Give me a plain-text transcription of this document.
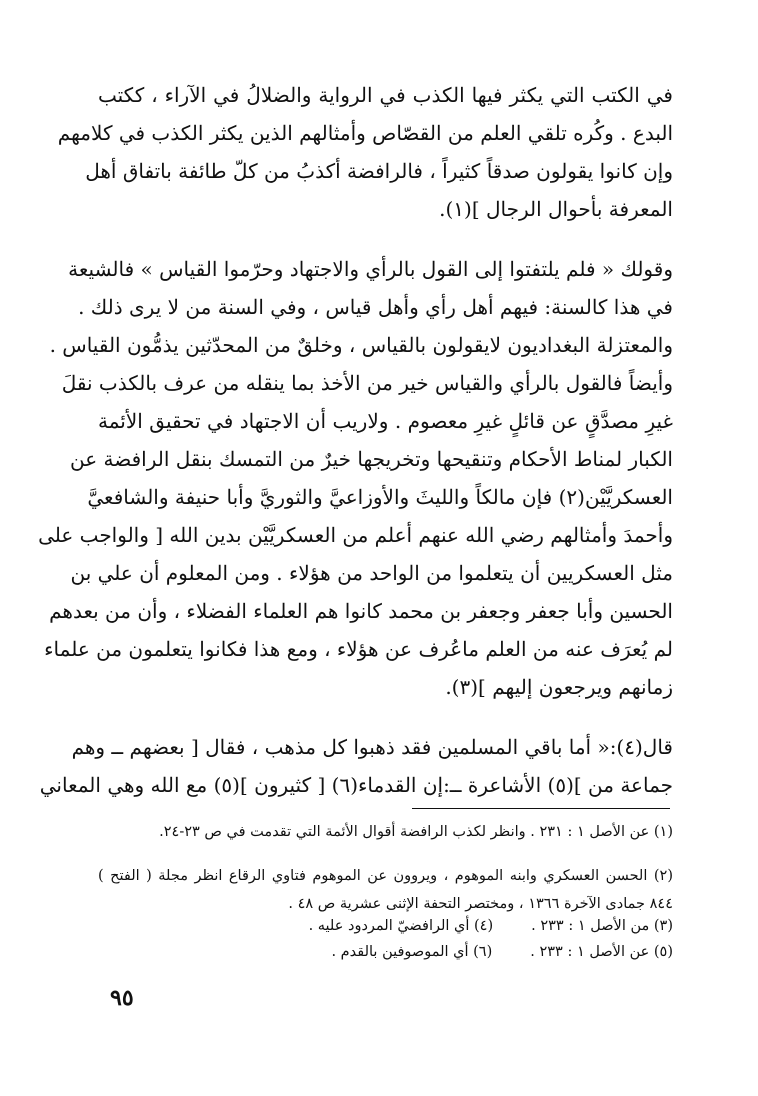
في الكتب التي يكثر فيها الكذب في الرواية والضلالُ في الآراء ، ككتب
البدع . وكُره تلقي العلم من القصّاص وأمثالهم الذين يكثر الكذب في كلامهم
وإن كانوا يقولون صدقاً كثيراً ، فالرافضة أكذبُ من كلّ طائفة باتفاق أهل
المعرفة بأحوال الرجال ](١).
وقولك « فلم يلتفتوا إلى القول بالرأي والاجتهاد وحرّموا القياس » فالشيعة
في هذا كالسنة: فيهم أهل رأي وأهل قياس ، وفي السنة من لا يرى ذلك .
والمعتزلة البغداديون لايقولون بالقياس ، وخلقٌ من المحدّثين يذمُّون القياس .
وأيضاً فالقول بالرأي والقياس خير من الأخذ بما ينقله من عرف بالكذب نقلَ
غيرِ مصدَّقٍ عن قائلٍ غيرِ معصوم . ولاريب أن الاجتهاد في تحقيق الأئمة
الكبار لمناط الأحكام وتنقيحها وتخريجها خيرٌ من التمسك بنقل الرافضة عن
العسكريَّيْن(٢) فإن مالكاً والليثَ والأوزاعيَّ والثوريَّ وأبا حنيفة والشافعيَّ
وأحمدَ وأمثالهم رضي الله عنهم أعلم من العسكريَّيْن بدين الله [ والواجب على
مثل العسكريين أن يتعلموا من الواحد من هؤلاء . ومن المعلوم أن علي بن
الحسين وأبا جعفر وجعفر بن محمد كانوا هم العلماء الفضلاء ، وأن من بعدهم
لم يُعرَف عنه من العلم ماعُرف عن هؤلاء ، ومع هذا فكانوا يتعلمون من علماء
زمانهم ويرجعون إليهم ](٣).
قال(٤):« أما باقي المسلمين فقد ذهبوا كل مذهب ، فقال [ بعضهم ــ وهم
جماعة من ](٥) الأشاعرة ــ:إن القدماء(٦) [ كثيرون ](٥) مع الله وهي المعاني
(١) عن الأصل ١ : ٢٣١ . وانظر لكذب الرافضة أقوال الأئمة التي تقدمت في ص ٢٣-٢٤.
(٢) الحسن العسكري وابنه الموهوم ، ويروون عن الموهوم فتاوي الرقاع انظر مجلة ( الفتح )
٨٤٤ جمادى الآخرة ١٣٦٦ ، ومختصر التحفة الإثنى عشرية ص ٤٨ .
(٣) من الأصل ١ : ٢٣٣ .
(٤) أي الرافضيّ المردود عليه .
(٥) عن الأصل ١ : ٢٣٣ .
(٦) أي الموصوفين بالقدم .
٩٥
